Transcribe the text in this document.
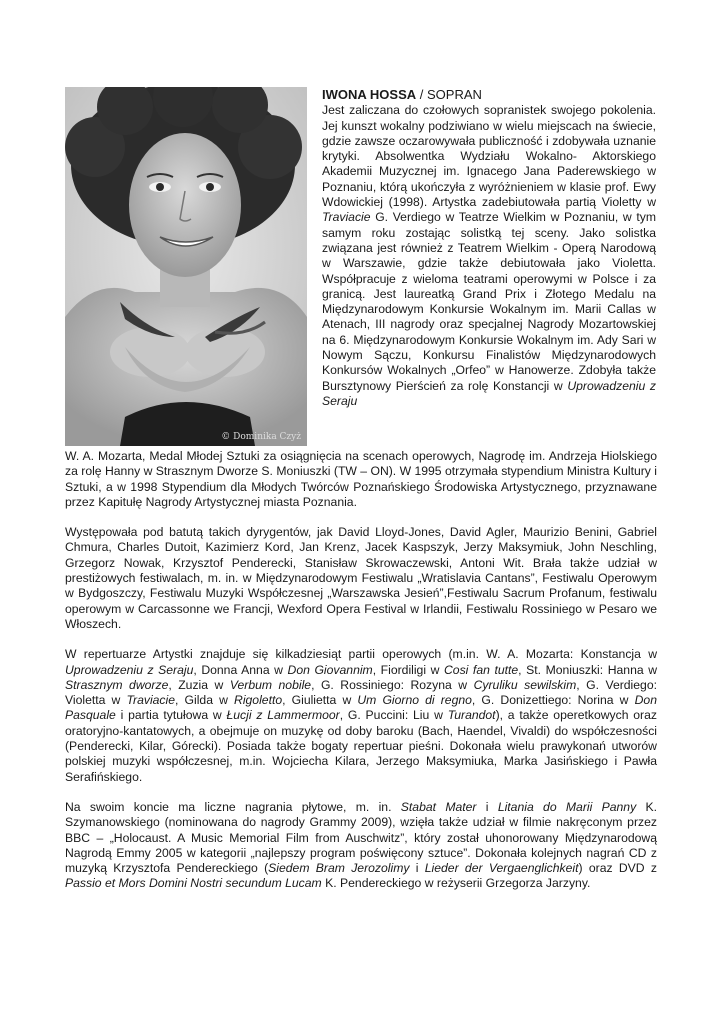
© Dominika Czyż
IWONA HOSSA / SOPRAN
Jest zaliczana do czołowych sopranistek swojego pokolenia. Jej kunszt wokalny podziwiano w wielu miejscach na świecie, gdzie zawsze oczarowywała publiczność i zdobywała uznanie krytyki. Absolwentka Wydziału Wokalno- Aktorskiego Akademii Muzycznej im. Ignacego Jana Paderewskiego w Poznaniu, którą ukończyła z wyróżnieniem w klasie prof. Ewy Wdowickiej (1998). Artystka zadebiutowała partią Violetty w Traviacie G. Verdiego w Teatrze Wielkim w Poznaniu, w tym samym roku zostając solistką tej sceny. Jako solistka związana jest również z Teatrem Wielkim - Operą Narodową w Warszawie, gdzie także debiutowała jako Violetta. Współpracuje z wieloma teatrami operowymi w Polsce i za granicą. Jest laureatką Grand Prix i Złotego Medalu na Międzynarodowym Konkursie Wokalnym im. Marii Callas w Atenach, III nagrody oraz specjalnej Nagrody Mozartowskiej na 6. Międzynarodowym Konkursie Wokalnym im. Ady Sari w Nowym Sączu, Konkursu Finalistów Międzynarodowych Konkursów Wokalnych „Orfeo” w Hanowerze. Zdobyła także Bursztynowy Pierścień za rolę Konstancji w Uprowadzeniu z Seraju

W. A. Mozarta, Medal Młodej Sztuki za osiągnięcia na scenach operowych, Nagrodę im. Andrzeja Hiolskiego za rolę Hanny w Strasznym Dworze S. Moniuszki (TW – ON). W 1995 otrzymała stypendium Ministra Kultury i Sztuki, a w 1998 Stypendium dla Młodych Twórców Poznańskiego Środowiska Artystycznego, przyznawane przez Kapitułę Nagrody Artystycznej miasta Poznania.

Występowała pod batutą takich dyrygentów, jak David Lloyd-Jones, David Agler, Maurizio Benini, Gabriel Chmura, Charles Dutoit, Kazimierz Kord, Jan Krenz, Jacek Kaspszyk, Jerzy Maksymiuk, John Neschling, Grzegorz Nowak, Krzysztof Penderecki, Stanisław Skrowaczewski, Antoni Wit. Brała także udział w prestiżowych festiwalach, m. in. w Międzynarodowym Festiwalu „Wratislavia Cantans”, Festiwalu Operowym w Bydgoszczy, Festiwalu Muzyki Współczesnej „Warszawska Jesień”,Festiwalu Sacrum Profanum, festiwalu operowym w Carcassonne we Francji, Wexford Opera Festival w Irlandii, Festiwalu Rossiniego w Pesaro we Włoszech.

W repertuarze Artystki znajduje się kilkadziesiąt partii operowych (m.in. W. A. Mozarta: Konstancja w Uprowadzeniu z Seraju, Donna Anna w Don Giovannim, Fiordiligi w Cosi fan tutte, St. Moniuszki: Hanna w Strasznym dworze, Zuzia w Verbum nobile, G. Rossiniego: Rozyna w Cyruliku sewilskim, G. Verdiego: Violetta w Traviacie, Gilda w Rigoletto, Giulietta w Um Giorno di regno, G. Donizettiego: Norina w Don Pasquale i partia tytułowa w Łucji z Lammermoor, G. Puccini: Liu w Turandot), a także operetkowych oraz oratoryjno-kantatowych, a obejmuje on muzykę od doby baroku (Bach, Haendel, Vivaldi) do współczesności (Penderecki, Kilar, Górecki). Posiada także bogaty repertuar pieśni. Dokonała wielu prawykonań utworów polskiej muzyki współczesnej, m.in. Wojciecha Kilara, Jerzego Maksymiuka, Marka Jasińskiego i Pawła Serafińskiego.

Na swoim koncie ma liczne nagrania płytowe, m. in. Stabat Mater i Litania do Marii Panny K. Szymanowskiego (nominowana do nagrody Grammy 2009), wzięła także udział w filmie nakręconym przez BBC – „Holocaust. A Music Memorial Film from Auschwitz”, który został uhonorowany Międzynarodową Nagrodą Emmy 2005 w kategorii „najlepszy program poświęcony sztuce”. Dokonała kolejnych nagrań CD z muzyką Krzysztofa Pendereckiego (Siedem Bram Jerozolimy i Lieder der Vergaenglichkeit) oraz DVD z Passio et Mors Domini Nostri secundum Lucam K. Pendereckiego w reżyserii Grzegorza Jarzyny.
